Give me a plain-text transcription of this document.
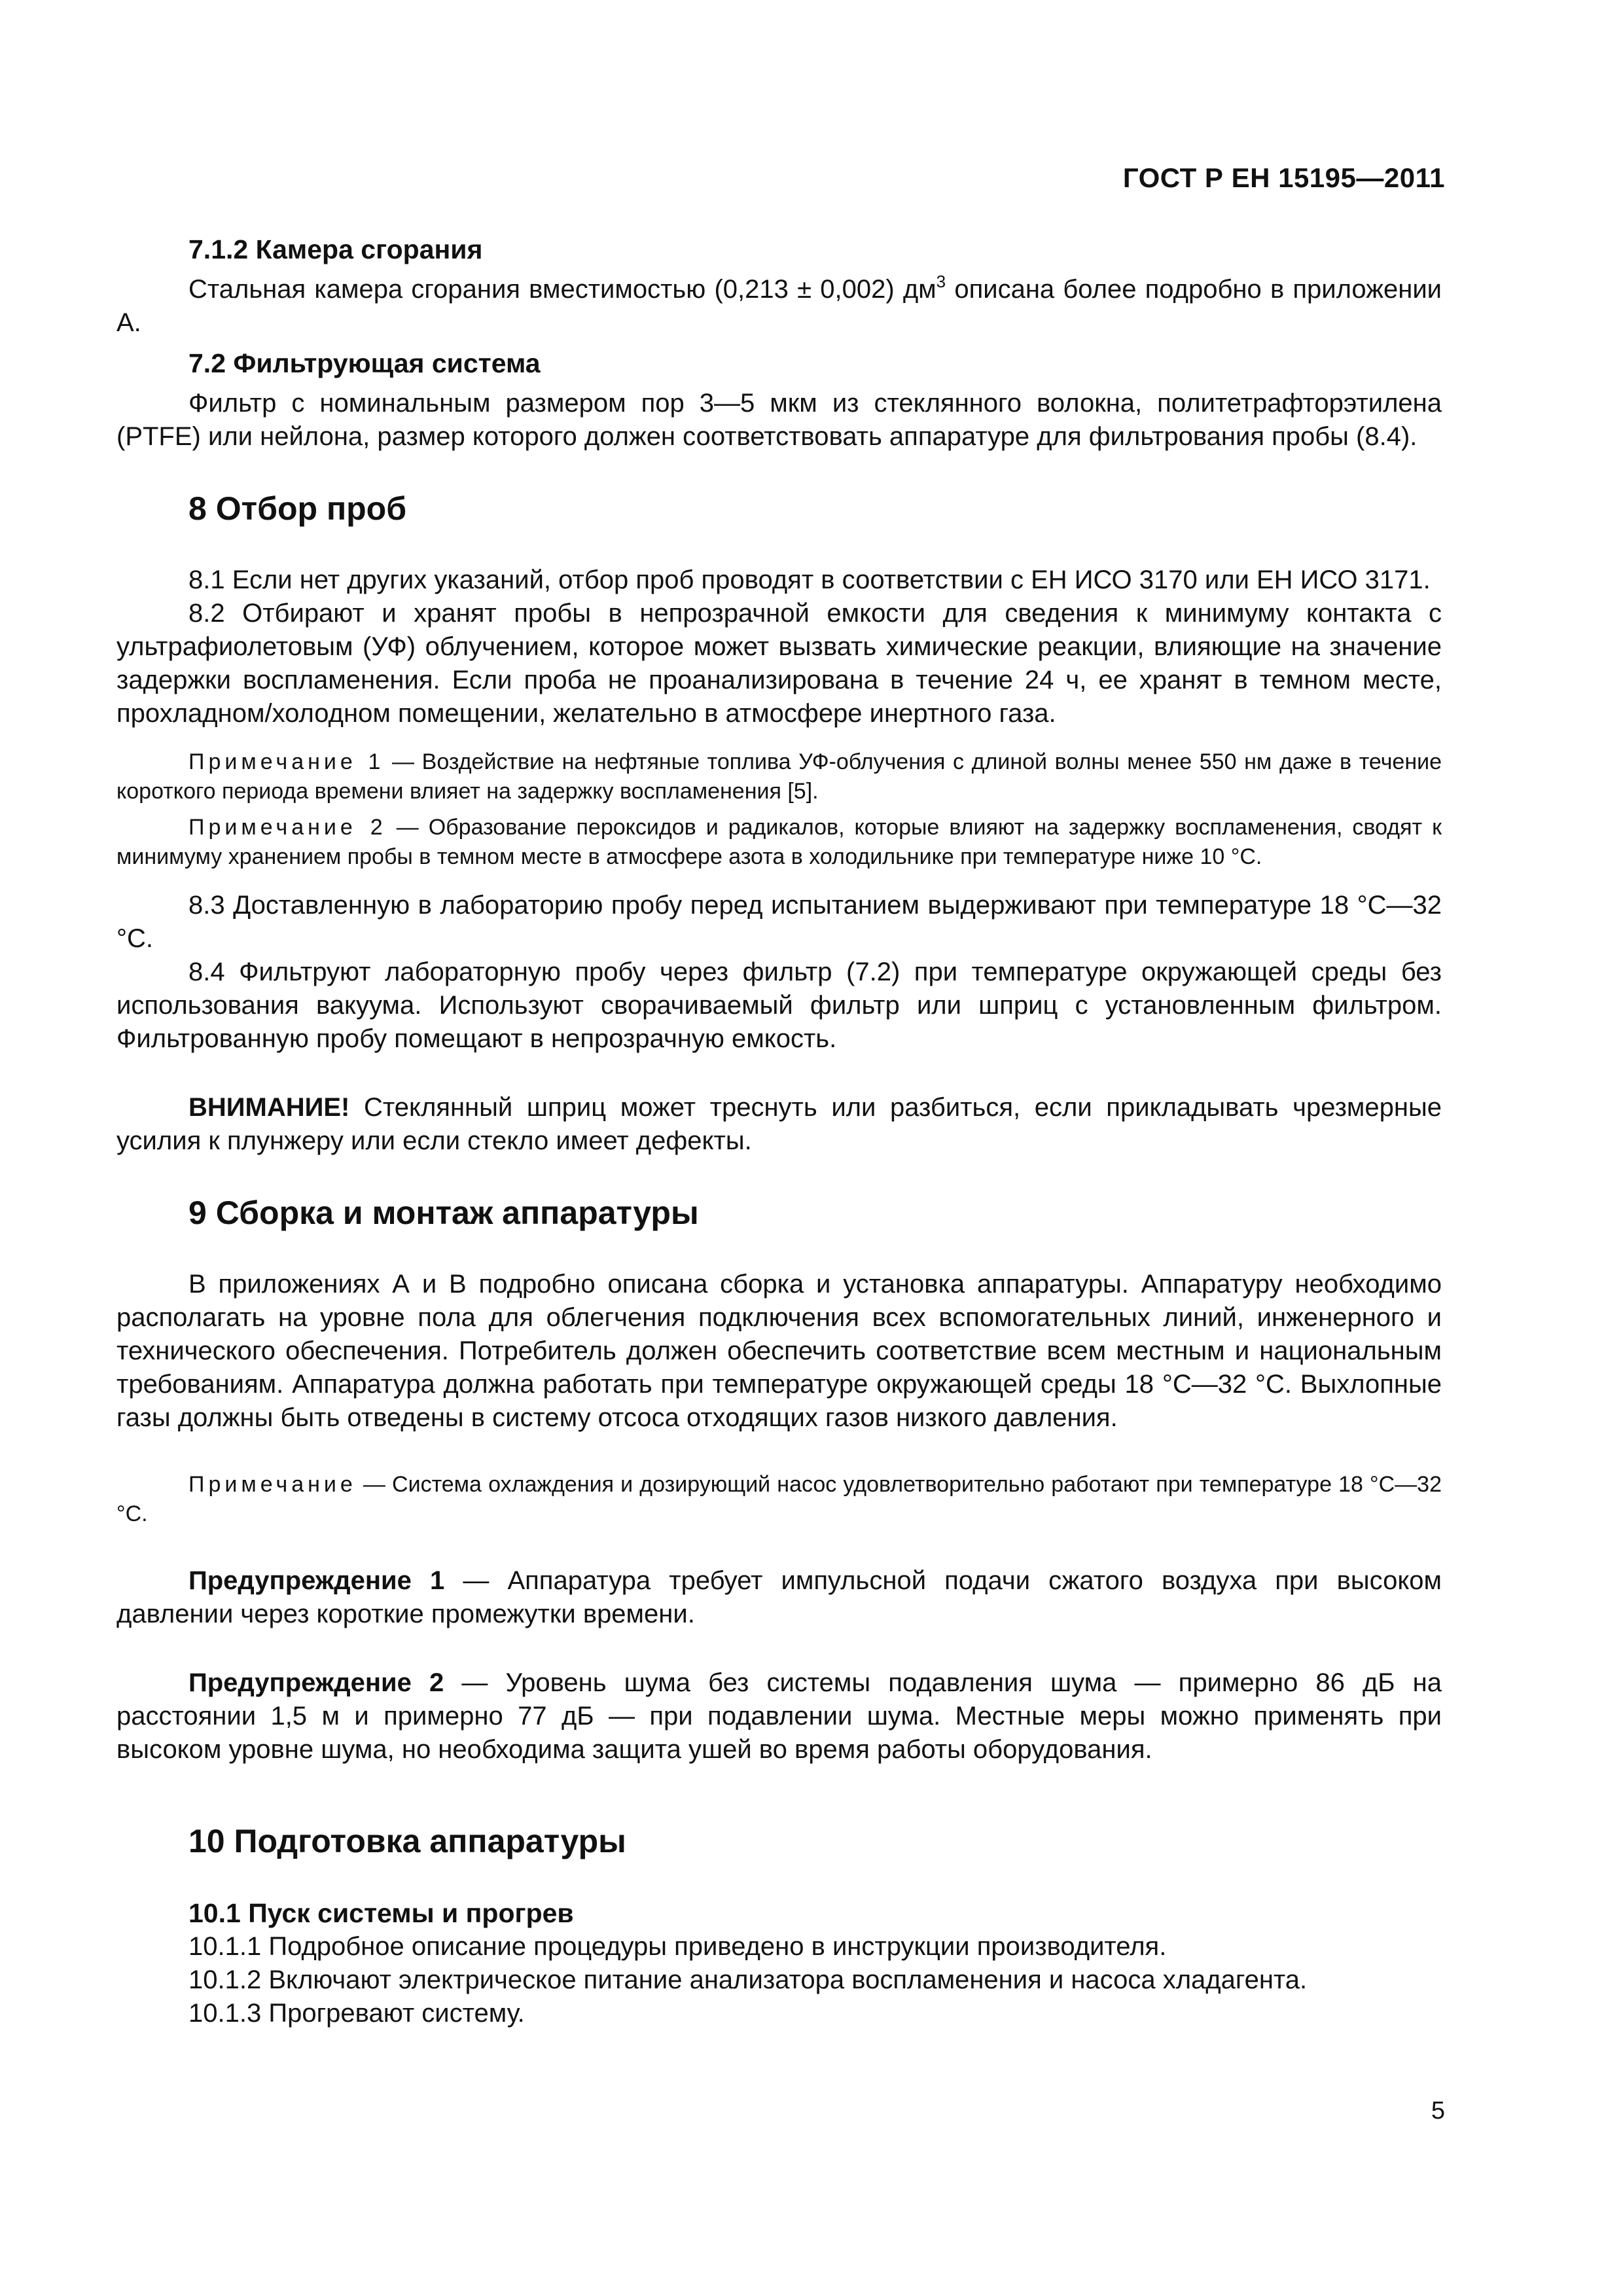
ГОСТ Р ЕН 15195—2011
7.1.2 Камера сгорания

Стальная камера сгорания вместимостью (0,213 ± 0,002) $дм^3$ описана более подробно в приложении А.

7.2 Фильтрующая система

Фильтр с номинальным размером пор 3—5 мкм из стеклянного волокна, политетрафторэтилена (PTFE) или нейлона, размер которого должен соответствовать аппаратуре для фильтрования пробы (8.4).

8 Отбор проб

8.1 Если нет других указаний, отбор проб проводят в соответствии с ЕН ИСО 3170 или ЕН ИСО 3171.

8.2 Отбирают и хранят пробы в непрозрачной емкости для сведения к минимуму контакта с ультрафиолетовым (УФ) облучением, которое может вызвать химические реакции, влияющие на значение задержки воспламенения. Если проба не проанализирована в течение 24 ч, ее хранят в темном месте, прохладном/холодном помещении, желательно в атмосфере инертного газа.

Примечание 1 — Воздействие на нефтяные топлива УФ-облучения с длиной волны менее 550 нм даже в течение короткого периода времени влияет на задержку воспламенения [5].

Примечание 2 — Образование пероксидов и радикалов, которые влияют на задержку воспламенения, сводят к минимуму хранением пробы в темном месте в атмосфере азота в холодильнике при температуре ниже 10 °С.

8.3 Доставленную в лабораторию пробу перед испытанием выдерживают при температуре 18 °С—32 °С.

8.4 Фильтруют лабораторную пробу через фильтр (7.2) при температуре окружающей среды без использования вакуума. Используют сворачиваемый фильтр или шприц с установленным фильтром. Фильтрованную пробу помещают в непрозрачную емкость.

ВНИМАНИЕ! Стеклянный шприц может треснуть или разбиться, если прикладывать чрезмерные усилия к плунжеру или если стекло имеет дефекты.

9 Сборка и монтаж аппаратуры

В приложениях А и В подробно описана сборка и установка аппаратуры. Аппаратуру необходимо располагать на уровне пола для облегчения подключения всех вспомогательных линий, инженерного и технического обеспечения. Потребитель должен обеспечить соответствие всем местным и национальным требованиям. Аппаратура должна работать при температуре окружающей среды 18 °С—32 °С. Выхлопные газы должны быть отведены в систему отсоса отходящих газов низкого давления.

Примечание — Система охлаждения и дозирующий насос удовлетворительно работают при температуре 18 °С—32 °С.

Предупреждение 1 — Аппаратура требует импульсной подачи сжатого воздуха при высоком давлении через короткие промежутки времени.

Предупреждение 2 — Уровень шума без системы подавления шума — примерно 86 дБ на расстоянии 1,5 м и примерно 77 дБ — при подавлении шума. Местные меры можно применять при высоком уровне шума, но необходима защита ушей во время работы оборудования.

10 Подготовка аппаратуры
10.1 Пуск системы и прогрев
10.1.1 Подробное описание процедуры приведено в инструкции производителя.
10.1.2 Включают электрическое питание анализатора воспламенения и насоса хладагента.
10.1.3 Прогревают систему.
5
